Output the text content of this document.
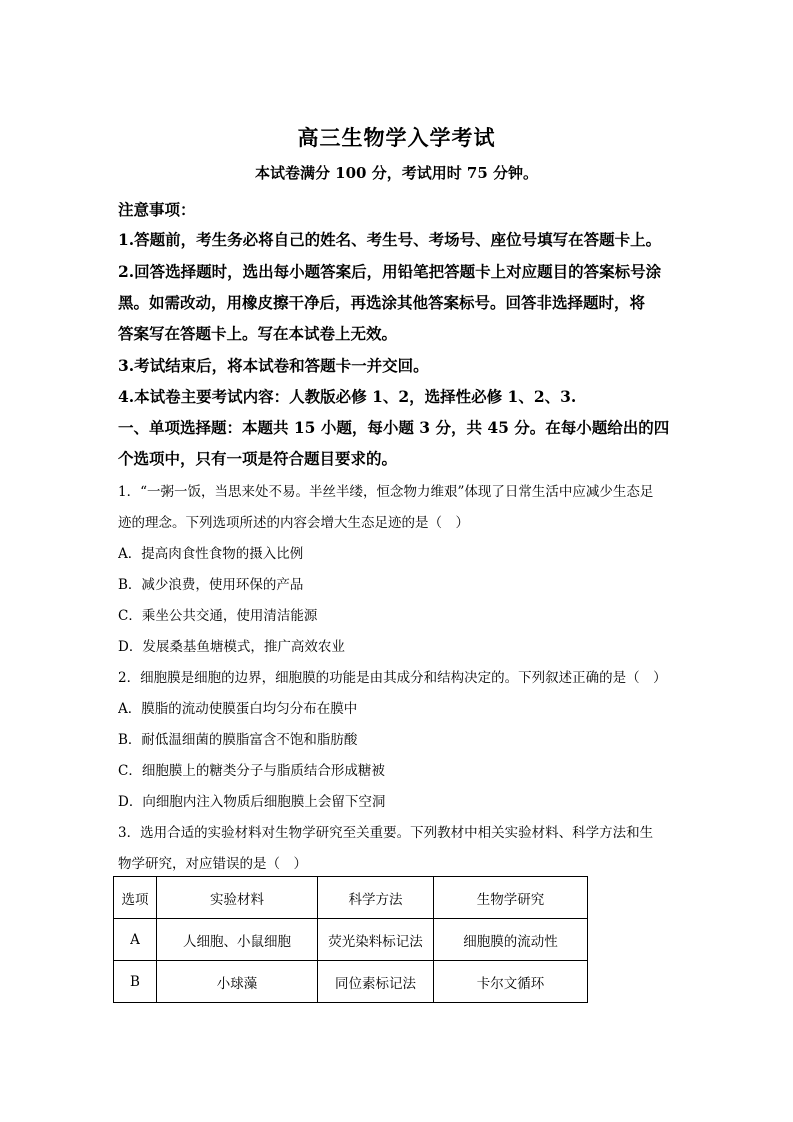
高三生物学入学考试
本试卷满分 100 分，考试用时 75 分钟。
注意事项：
1.答题前，考生务必将自己的姓名、考生号、考场号、座位号填写在答题卡上。
2.回答选择题时，选出每小题答案后，用铅笔把答题卡上对应题目的答案标号涂
黑。如需改动，用橡皮擦干净后，再选涂其他答案标号。回答非选择题时，将
答案写在答题卡上。写在本试卷上无效。
3.考试结束后，将本试卷和答题卡一并交回。
4.本试卷主要考试内容：人教版必修 1、2，选择性必修 1、2、3.
一、单项选择题：本题共 15 小题，每小题 3 分，共 45 分。在每小题给出的四
个选项中，只有一项是符合题目要求的。
1．“一粥一饭，当思来处不易。半丝半缕，恒念物力维艰”体现了日常生活中应减少生态足
迹的理念。下列选项所述的内容会增大生态足迹的是（　）
A．提高肉食性食物的摄入比例
B．减少浪费，使用环保的产品
C．乘坐公共交通，使用清洁能源
D．发展桑基鱼塘模式，推广高效农业
2．细胞膜是细胞的边界，细胞膜的功能是由其成分和结构决定的。下列叙述正确的是（　）
A．膜脂的流动使膜蛋白均匀分布在膜中
B．耐低温细菌的膜脂富含不饱和脂肪酸
C．细胞膜上的糖类分子与脂质结合形成糖被
D．向细胞内注入物质后细胞膜上会留下空洞
3．选用合适的实验材料对生物学研究至关重要。下列教材中相关实验材料、科学方法和生
物学研究，对应错误的是（　）
选项	实验材料	科学方法	生物学研究
A	人细胞、小鼠细胞	荧光染料标记法	细胞膜的流动性
B	小球藻	同位素标记法	卡尔文循环
